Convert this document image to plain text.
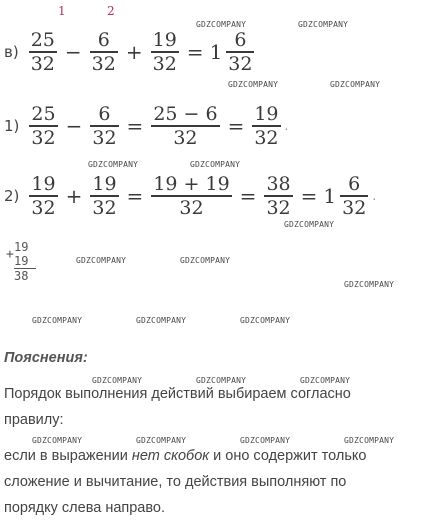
GDZCOMPANY	GDZCOMPANY
GDZCOMPANY	GDZCOMPANY
GDZCOMPANY	GDZCOMPANY
GDZCOMPANY
GDZCOMPANY	GDZCOMPANY
GDZCOMPANY
GDZCOMPANY	GDZCOMPANY	GDZCOMPANY
GDZCOMPANY	GDZCOMPANY	GDZCOMPANY
GDZCOMPANY	GDZCOMPANY	GDZCOMPANY	GDZCOMPANY
1	2
$в) \frac{25}{32} - \frac{6}{32} + \frac{19}{32} = 1 \frac{6}{32}$
$1) \frac{25}{32} - \frac{6}{32} = \frac{25 - 6}{32} = \frac{19}{32}$ .
$2) \frac{19}{32} + \frac{19}{32} = \frac{19 + 19}{32} = \frac{38}{32} = 1 \frac{6}{32}$ .
+ 19
19
38
Пояснения:
Порядок выполнения действий выбираем согласно
правилу:
если в выражении нет скобок и оно содержит только
сложение и вычитание, то действия выполняют по
порядку слева направо.
